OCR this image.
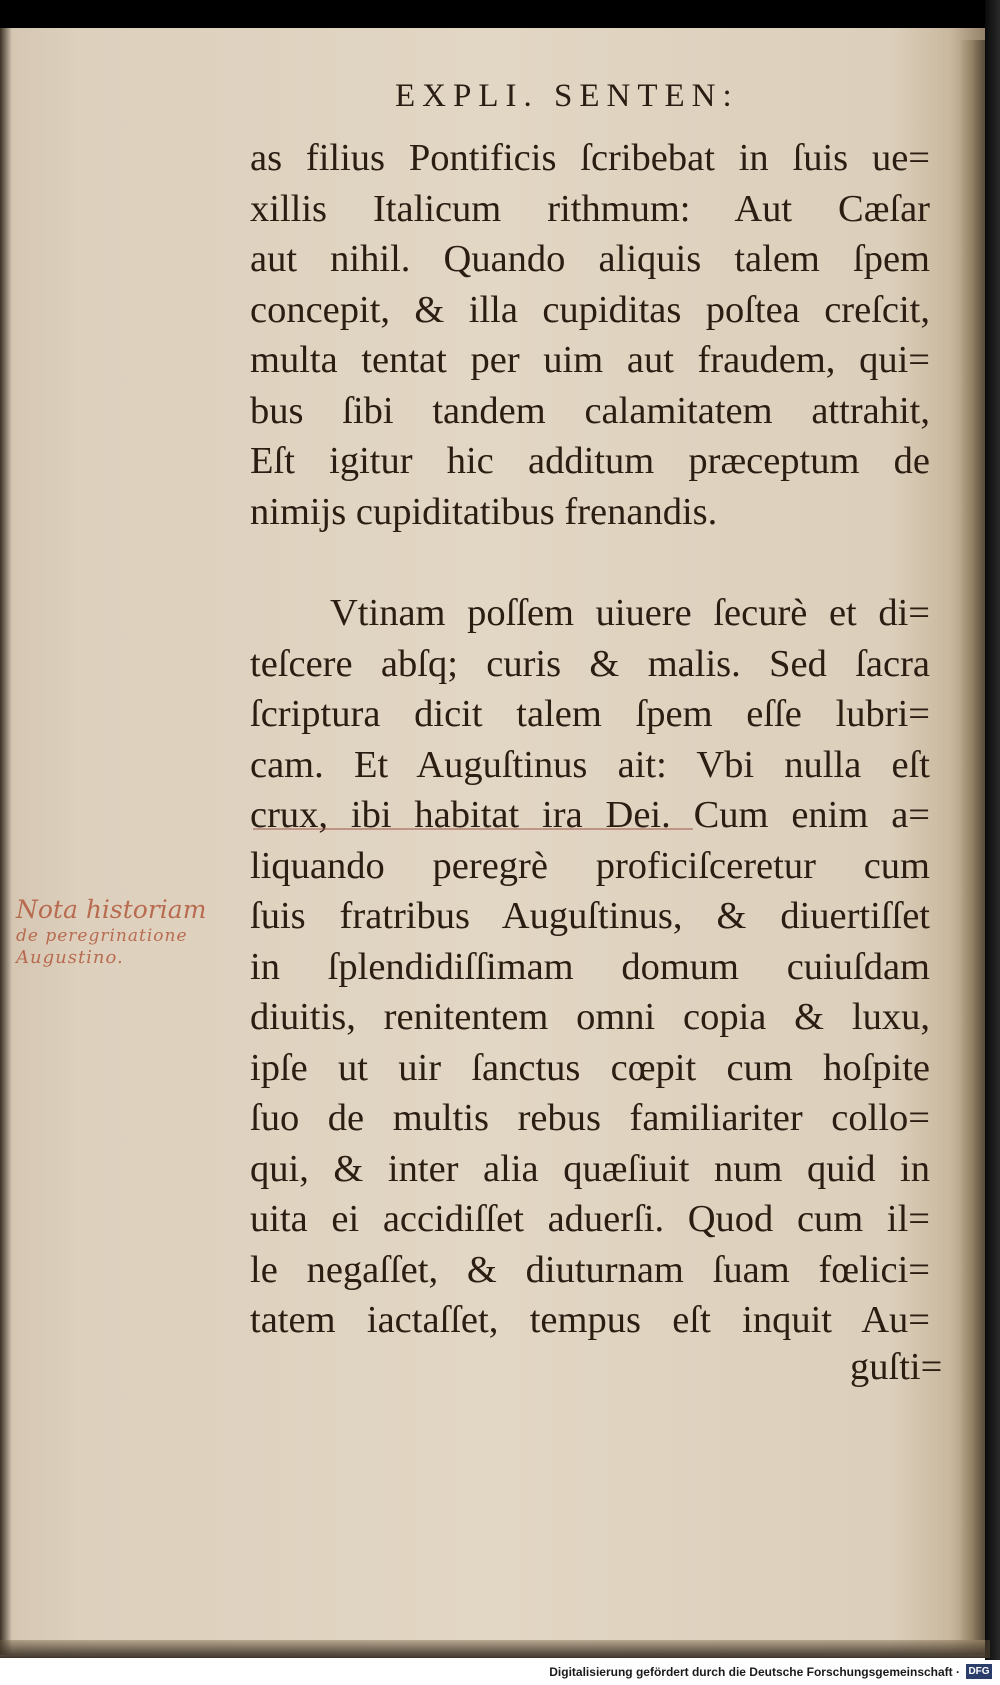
EXPLI. SENTEN:
as filius Pontificis ſcribebat in ſuis ue=
xillis Italicum rithmum: Aut Cæſar
aut nihil. Quando aliquis talem ſpem
concepit, & illa cupiditas poſtea creſcit,
multa tentat per uim aut fraudem, qui=
bus ſibi tandem calamitatem attrahit,
Eſt igitur hic additum præceptum de
nimijs cupiditatibus frenandis.
Vtinam poſſem uiuere ſecurè et di=
teſcere abſq; curis & malis. Sed ſacra
ſcriptura dicit talem ſpem eſſe lubri=
cam. Et Auguſtinus ait: Vbi nulla eſt
crux, ibi habitat ira Dei. Cum enim a=
liquando peregrè proficiſceretur cum
ſuis fratribus Auguſtinus, & diuertiſſet
in ſplendidiſſimam domum cuiuſdam
diuitis, renitentem omni copia & luxu,
ipſe ut uir ſanctus cœpit cum hoſpite
ſuo de multis rebus familiariter collo=
qui, & inter alia quæſiuit num quid in
uita ei accidiſſet aduerſi. Quod cum il=
le negaſſet, & diuturnam ſuam fœlici=
tatem iactaſſet, tempus eſt inquit Au=
guſti=
Nota historiam
de peregrinatione
Augustino.
Digitalisierung gefördert durch die Deutsche Forschungsgemeinschaft · DFG
